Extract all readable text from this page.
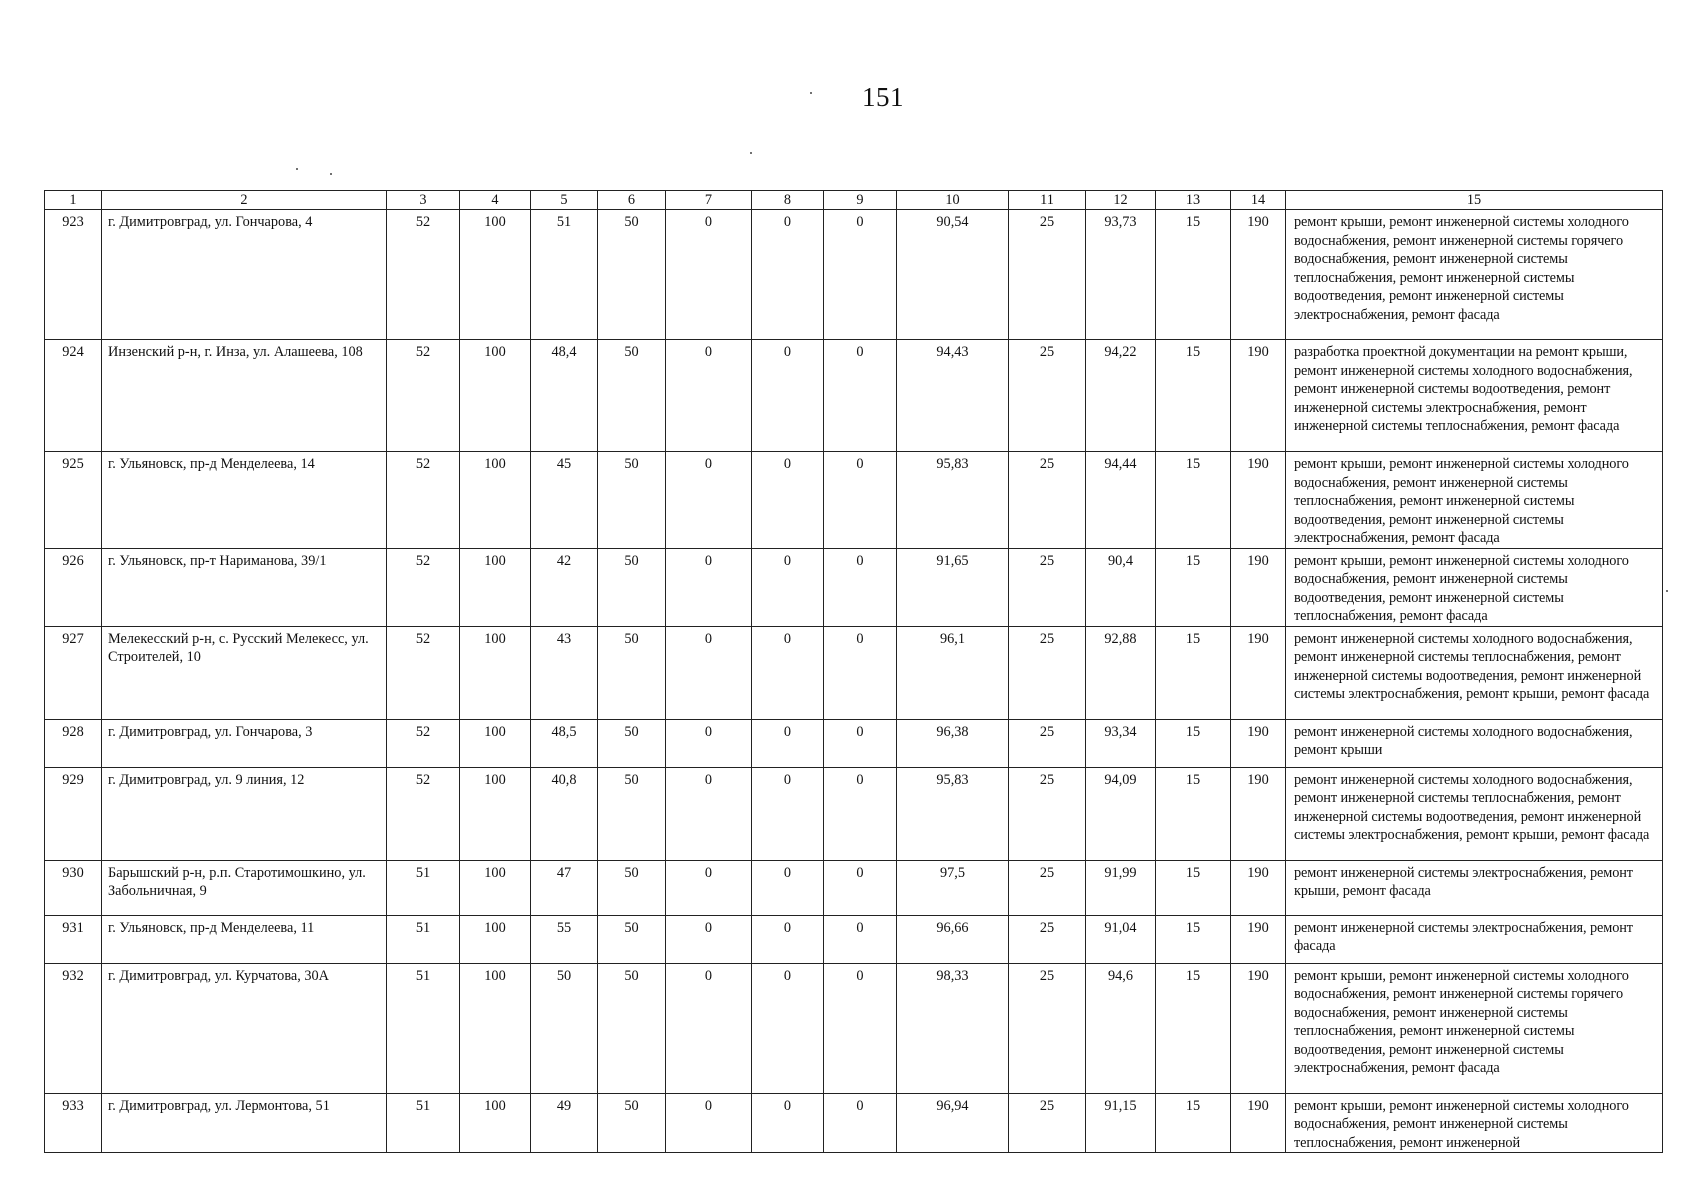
151
1	2	3	4	5	6	7	8	9	10	11	12	13	14	15
923	г. Димитровград, ул. Гончарова, 4	52	100	51	50	0	0	0	90,54	25	93,73	15	190	ремонт крыши, ремонт инженерной системы холодного водоснабжения, ремонт инженерной системы горячего водоснабжения, ремонт инженерной системы теплоснабжения, ремонт инженерной системы водоотведения, ремонт инженерной системы электроснабжения, ремонт фасада
924	Инзенский р-н, г. Инза, ул. Алашеева, 108	52	100	48,4	50	0	0	0	94,43	25	94,22	15	190	разработка проектной документации на ремонт крыши, ремонт инженерной системы холодного водоснабжения, ремонт инженерной системы водоотведения, ремонт инженерной системы электроснабжения, ремонт инженерной системы теплоснабжения, ремонт фасада
925	г. Ульяновск, пр-д Менделеева, 14	52	100	45	50	0	0	0	95,83	25	94,44	15	190	ремонт крыши, ремонт инженерной системы холодного водоснабжения, ремонт инженерной системы теплоснабжения, ремонт инженерной системы водоотведения, ремонт инженерной системы электроснабжения, ремонт фасада
926	г. Ульяновск, пр-т Нариманова, 39/1	52	100	42	50	0	0	0	91,65	25	90,4	15	190	ремонт крыши, ремонт инженерной системы холодного водоснабжения, ремонт инженерной системы водоотведения, ремонт инженерной системы теплоснабжения, ремонт фасада
927	Мелекесский р-н, с. Русский Мелекесс, ул. Строителей, 10	52	100	43	50	0	0	0	96,1	25	92,88	15	190	ремонт инженерной системы холодного водоснабжения, ремонт инженерной системы теплоснабжения, ремонт инженерной системы водоотведения, ремонт инженерной системы электроснабжения, ремонт крыши, ремонт фасада
928	г. Димитровград, ул. Гончарова, 3	52	100	48,5	50	0	0	0	96,38	25	93,34	15	190	ремонт инженерной системы холодного водоснабжения, ремонт крыши
929	г. Димитровград, ул. 9 линия, 12	52	100	40,8	50	0	0	0	95,83	25	94,09	15	190	ремонт инженерной системы холодного водоснабжения, ремонт инженерной системы теплоснабжения, ремонт инженерной системы водоотведения, ремонт инженерной системы электроснабжения, ремонт крыши, ремонт фасада
930	Барышский р-н, р.п. Старотимошкино, ул. Забольничная, 9	51	100	47	50	0	0	0	97,5	25	91,99	15	190	ремонт инженерной системы электроснабжения, ремонт крыши, ремонт фасада
931	г. Ульяновск, пр-д Менделеева, 11	51	100	55	50	0	0	0	96,66	25	91,04	15	190	ремонт инженерной системы электроснабжения, ремонт фасада
932	г. Димитровград, ул. Курчатова, 30А	51	100	50	50	0	0	0	98,33	25	94,6	15	190	ремонт крыши, ремонт инженерной системы холодного водоснабжения, ремонт инженерной системы горячего водоснабжения, ремонт инженерной системы теплоснабжения, ремонт инженерной системы водоотведения, ремонт инженерной системы электроснабжения, ремонт фасада
933	г. Димитровград, ул. Лермонтова, 51	51	100	49	50	0	0	0	96,94	25	91,15	15	190	ремонт крыши, ремонт инженерной системы холодного водоснабжения, ремонт инженерной системы теплоснабжения, ремонт инженерной
